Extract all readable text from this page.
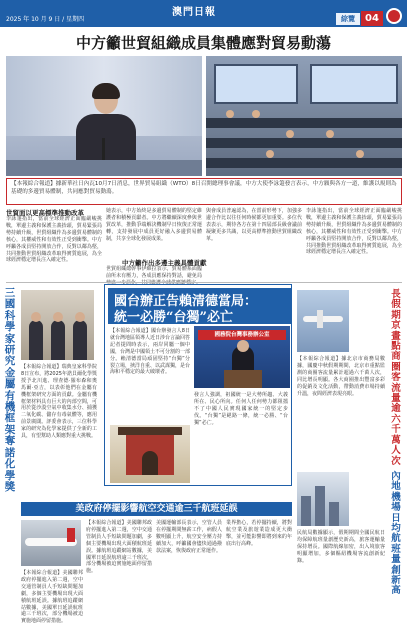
2025 年 10 月 9 日 / 星期四
澳門日報
綜覽	04
中方籲世貿組織成員集體應對貿易動蕩
【本報綜合報道】據新華社日內瓦10月7日消息，世界貿易組織（WTO）8日召開總理事會議，中方大使李詠箑發言表示，中方願與各方一道，維護以規則為基礎的多邊貿易體制，共同應對貿易動蕩。
世貿面以更高標準推動改革
李詠箑指出，當前全球經濟正面臨嚴峻挑戰，單邊主義和保護主義抬頭，貿易緊張局勢持續升級，世貿組織作為多邊貿易體制的核心，其權威性和有效性正受到衝擊。中方呼籲各成員堅持開放合作，反對以鄰為壑，共同推動世貿組織改革取得實質進展，為全球經濟穩定增長注入確定性。
她表示，中方始終是多邊貿易體制的堅定維護者和積極貢獻者。中方將繼續深度參與世貿改革，推動爭端解決機制早日恢復正常運轉，支持發展中成員更好融入多邊貿易體制，共享全球化發展成果。
中方籲作出多邊主義具體貢獻
世貿組織總幹事伊維拉表示，貿易體系面臨前所未有壓力，各成員應保持對話，避免局
與會成員普遍認為，在當前形勢下，加強多邊合作比以往任何時候都更加重要。多位代表表示，期待各方在第十四屆部長級會議前凝聚更多共識，以更高標準推動世貿組織改革。
李詠箑指出，當前全球經濟正面臨嚴峻挑戰，單邊主義和保護主義抬頭，貿易緊張局勢持續升級，世貿組織作為多邊貿易體制的核心，其權威性和有效性正受到衝擊。中方呼籲各成員堅持開放合作，反對以鄰為壑，共同推動世貿組織改革取得實質進展，為全球經濟穩定增長注入確定性。
三
國
科
學
家
研
究
金
屬
有
機
框
架
奪
諾
化
學
獎
【本報綜合報道】瑞典皇家科學院8日宣布，將2025年諾貝爾化學獎授予北川進、理查德·羅布森和奧馬爾·亞吉，以表彰他們在金屬有機框架研究方面的貢獻。金屬有機框架材料具有巨大的內部空間，可用於從沙漠空氣中收集水分、捕獲二氧化碳、儲存有毒氣體等，應用前景廣闊。評委會表示，三位科學家的研究為化學家提供了全新的工具，有望幫助人類應對重大挑戰。
國台辦正告賴清德當局：
統一必勝“台獨”必亡
【本報綜合報道】國台辦發言人8日就台灣地區領導人近日涉台言論回答記者提問時表示，兩岸同屬一個中國，台灣是中國領土不可分割的一部分。賴清德當局頑固堅持“台獨”分裂立場，挾洋自重、以武謀獨，是台海和平穩定的最大破壞者。
國務院台灣事務辦公室
發言人強調，祖國統一是大勢所趨、大義所在、民心所向。任何人任何勢力都阻擋不了中國人民實現國家統一的堅定步伐。“台獨”是絕路一條，統一必勝、“台獨”必亡。
長
假
期
京
畫
點
商
圈
客
流
量
逾
六
千
萬
人
次
【本報綜合報道】據北京市商務局數據，國慶中秋假期期間，北京市重點監測的商圈客流量累計超過六千萬人次，同比增長明顯。各大商圈推出豐富多彩的促銷及文化活動，帶動消費市場持續升溫，夜間經濟表現亮眼。
內
地
機
場
日
均
航
班
量
創
新
高
民航局數據顯示，假期期間全國民航日均保障航班量創歷史新高，旅客運輸量保持增長。國際航線加密，出入境旅客明顯增加，多個樞紐機場客流創新紀錄。
美政府停擺影響航空交通逾三千航班延誤
【本報綜合報道】美國聯邦政府停擺進入第二週，空中交通管制員人手短缺問題加劇，多個主要機場出現大面積航班延誤。據航班追蹤網站數據，美國單日延誤航班逾三千班次，部分機場被迫實施地面停留措施。
【本報綜合報道】美國聯邦政府停擺進入第二週，空中交通管制員人手短缺問題加劇，多個主要機場出現大面積航班延誤。據航班追蹤網站數據，美國單日延誤航班逾三千班次，部分機場被迫實施地面停留措施。
美國運輸部長表示，空管人員在停擺期間無薪工作，病假人數明顯上升，航空安全壓力持續加大，呼籲國會儘快通過撥款法案，恢復政府正常運作。
業界擔心，若停擺持續，將對航空業及旅遊業造成更大衝擊，並可能影響即將到來的年底出行高峰。
